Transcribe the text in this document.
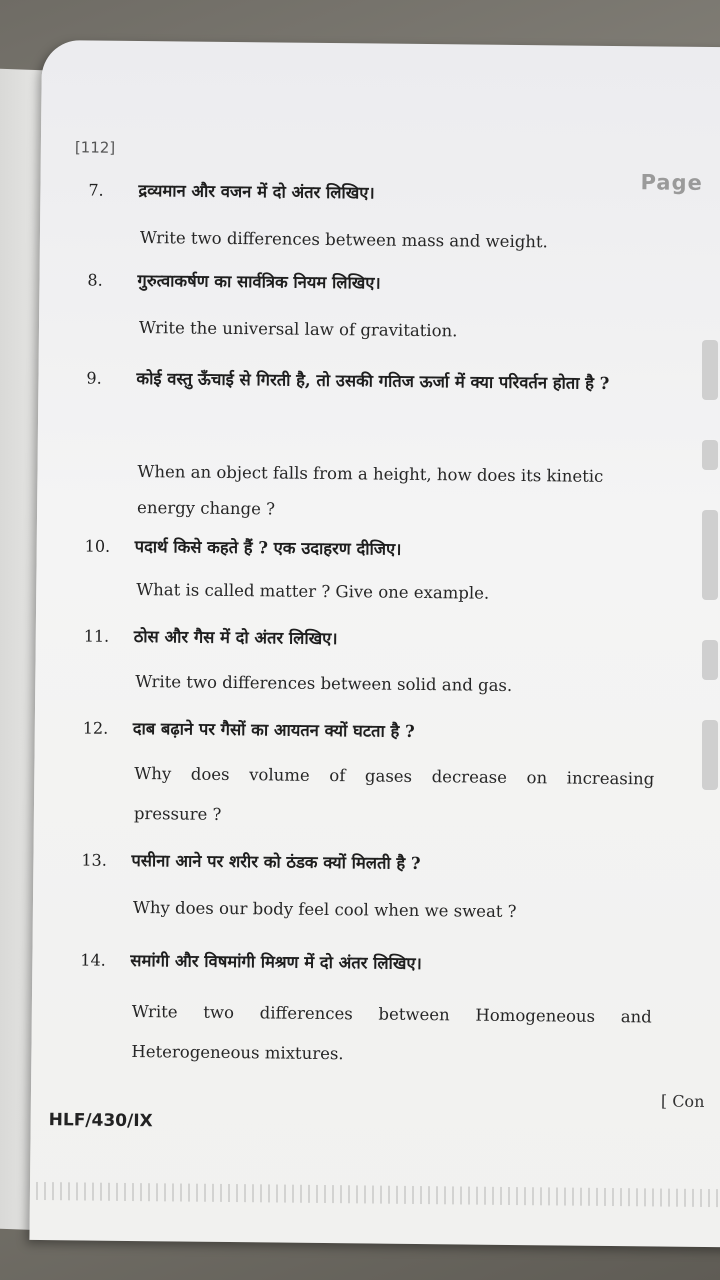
[112]
Page
7. द्रव्यमान और वजन में दो अंतर लिखिए।
Write two differences between mass and weight.
8. गुरुत्वाकर्षण का सार्वत्रिक नियम लिखिए।
Write the universal law of gravitation.
9. कोई वस्तु ऊँचाई से गिरती है, तो उसकी गतिज ऊर्जा में क्या परिवर्तन होता है ?
When an object falls from a height, how does its kinetic
energy change ?
10. पदार्थ किसे कहते हैं ? एक उदाहरण दीजिए।
What is called matter ? Give one example.
11. ठोस और गैस में दो अंतर लिखिए।
Write two differences between solid and gas.
12. दाब बढ़ाने पर गैसों का आयतन क्यों घटता है ?
Why does volume of gases decrease on increasing
pressure ?
13. पसीना आने पर शरीर को ठंडक क्यों मिलती है ?
Why does our body feel cool when we sweat ?
14. समांगी और विषमांगी मिश्रण में दो अंतर लिखिए।
Write two differences between Homogeneous and
Heterogeneous mixtures.
HLF/430/IX
[ Con
